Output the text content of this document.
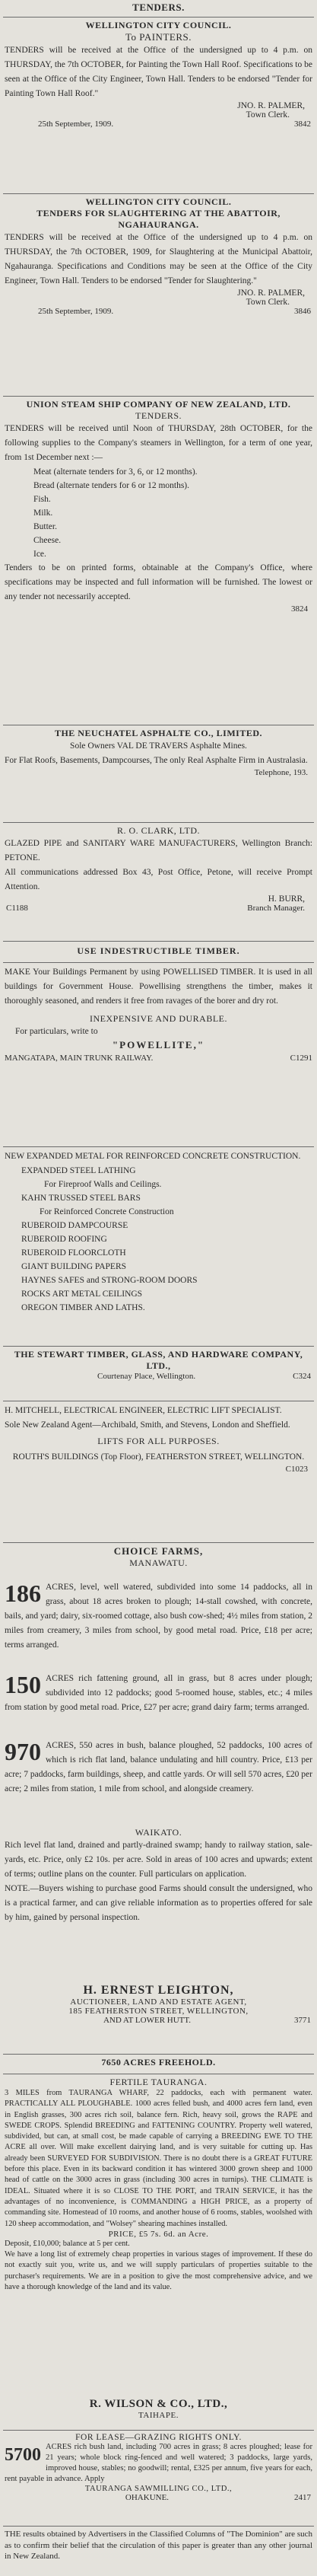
TENDERS.

WELLINGTON CITY COUNCIL.

To PAINTERS.

TENDERS will be received at the Office of the undersigned up to 4 p.m. on THURSDAY, the 7th OCTOBER, for Painting the Town Hall Roof. Specifications to be seen at the Office of the City Engineer, Town Hall. Tenders to be endorsed "Tender for Painting Town Hall Roof."

JNO. R. PALMER,

Town Clerk.

25th September, 1909.	3842

WELLINGTON CITY COUNCIL.

TENDERS FOR SLAUGHTERING AT THE ABATTOIR, NGAHAURANGA.

TENDERS will be received at the Office of the undersigned up to 4 p.m. on THURSDAY, the 7th OCTOBER, 1909, for Slaughtering at the Municipal Abattoir, Ngahauranga. Specifications and Conditions may be seen at the Office of the City Engineer, Town Hall. Tenders to be endorsed "Tender for Slaughtering."

JNO. R. PALMER,

Town Clerk.

25th September, 1909.	3846

UNION STEAM SHIP COMPANY OF NEW ZEALAND, LTD.

TENDERS.

TENDERS will be received until Noon of THURSDAY, 28th OCTOBER, for the following supplies to the Company's steamers in Wellington, for a term of one year, from 1st December next :—

Meat (alternate tenders for 3, 6, or 12 months).

Bread (alternate tenders for 6 or 12 months).

Fish.

Milk.

Butter.

Cheese.

Ice.

Tenders to be on printed forms, obtainable at the Company's Office, where specifications may be inspected and full information will be furnished. The lowest or any tender not necessarily accepted.

3824

THE NEUCHATEL ASPHALTE CO., LIMITED.

Sole Owners VAL DE TRAVERS Asphalte Mines.

For Flat Roofs, Basements, Dampcourses, The only Real Asphalte Firm in Australasia.

Telephone, 193.

R. O. CLARK, LTD.

GLAZED PIPE and SANITARY WARE MANUFACTURERS, Wellington Branch: PETONE.

All communications addressed Box 43, Post Office, Petone, will receive Prompt Attention.

H. BURR,

C1188	Branch Manager.

USE INDESTRUCTIBLE TIMBER.

MAKE Your Buildings Permanent by using POWELLISED TIMBER. It is used in all buildings for Government House. Powellising strengthens the timber, makes it thoroughly seasoned, and renders it free from ravages of the borer and dry rot.

INEXPENSIVE AND DURABLE.

For particulars, write to

"POWELLITE,"

MANGATAPA, MAIN TRUNK RAILWAY.	C1291

NEW EXPANDED METAL FOR REINFORCED CONCRETE CONSTRUCTION.

EXPANDED STEEL LATHING

For Fireproof Walls and Ceilings.

KAHN TRUSSED STEEL BARS

For Reinforced Concrete Construction

RUBEROID DAMPCOURSE

RUBEROID ROOFING

RUBEROID FLOORCLOTH

GIANT BUILDING PAPERS

HAYNES SAFES and STRONG-ROOM DOORS

ROCKS ART METAL CEILINGS

OREGON TIMBER AND LATHS.

THE STEWART TIMBER, GLASS, AND HARDWARE COMPANY, LTD.,

Courtenay Place, Wellington.	C324

H. MITCHELL, ELECTRICAL ENGINEER, ELECTRIC LIFT SPECIALIST.

Sole New Zealand Agent—Archibald, Smith, and Stevens, London and Sheffield.

LIFTS FOR ALL PURPOSES.

ROUTH'S BUILDINGS (Top Floor), FEATHERSTON STREET, WELLINGTON.

C1023

CHOICE FARMS,

MANAWATU.

186 ACRES, level, well watered, subdivided into some 14 paddocks, all in grass, about 18 acres broken to plough; 14-stall cowshed, with concrete, bails, and yard; dairy, six-roomed cottage, also bush cow-shed; 4½ miles from station, 2 miles from creamery, 3 miles from school, by good metal road. Price, £18 per acre; terms arranged.

150 ACRES rich fattening ground, all in grass, but 8 acres under plough; subdivided into 12 paddocks; good 5-roomed house, stables, etc.; 4 miles from station by good metal road. Price, £27 per acre; grand dairy farm; terms arranged.

970 ACRES, 550 acres in bush, balance ploughed, 52 paddocks, 100 acres of which is rich flat land, balance undulating and hill country. Price, £13 per acre; 7 paddocks, farm buildings, sheep, and cattle yards. Or will sell 570 acres, £20 per acre; 2 miles from station, 1 mile from school, and alongside creamery.

WAIKATO.

Rich level flat land, drained and partly-drained swamp; handy to railway station, sale-yards, etc. Price, only £2 10s. per acre. Sold in areas of 100 acres and upwards; extent of terms; outline plans on the counter. Full particulars on application.

NOTE.—Buyers wishing to purchase good Farms should consult the undersigned, who is a practical farmer, and can give reliable information as to properties offered for sale by him, gained by personal inspection.

H. ERNEST LEIGHTON,

AUCTIONEER, LAND AND ESTATE AGENT,

185 FEATHERSTON STREET, WELLINGTON,

AND AT LOWER HUTT.	3771

7650 ACRES FREEHOLD.

FERTILE TAURANGA.

3 MILES from TAURANGA WHARF, 22 paddocks, each with permanent water. PRACTICALLY ALL PLOUGHABLE. 1000 acres felled bush, and 4000 acres fern land, even in English grasses, 300 acres rich soil, balance fern. Rich, heavy soil, grows the RAPE and SWEDE CROPS. Splendid BREEDING and FATTENING COUNTRY. Property well watered, subdivided, but can, at small cost, be made capable of carrying a BREEDING EWE TO THE ACRE all over. Will make excellent dairying land, and is very suitable for cutting up. Has already been SURVEYED FOR SUBDIVISION. There is no doubt there is a GREAT FUTURE before this place. Even in its backward condition it has wintered 3000 grown sheep and 1000 head of cattle on the 3000 acres in grass (including 300 acres in turnips). THE CLIMATE is IDEAL. Situated where it is so CLOSE TO THE PORT, and TRAIN SERVICE, it has the advantages of no inconvenience, is COMMANDING a HIGH PRICE, as a property of commanding site. Homestead of 10 rooms, and another house of 6 rooms, stables, woolshed with 120 sheep accommodation, and "Wolsey" shearing machines installed.

PRICE, £5 7s. 6d. an Acre.

Deposit, £10,000; balance at 5 per cent.

We have a long list of extremely cheap properties in various stages of improvement. If these do not exactly suit you, write us, and we will supply particulars of properties suitable to the purchaser's requirements. We are in a position to give the most comprehensive advice, and we have a thorough knowledge of the land and its value.

R. WILSON & CO., LTD.,

TAIHAPE.

FOR LEASE—GRAZING RIGHTS ONLY.

5700 ACRES rich bush land, including 700 acres in grass; 8 acres ploughed; lease for 21 years; whole block ring-fenced and well watered; 3 paddocks, large yards, improved house, stables; no goodwill; rental, £325 per annum, five years for each, rent payable in advance. Apply

TAURANGA SAWMILLING CO., LTD.,

OHAKUNE.	2417

THE results obtained by Advertisers in the Classified Columns of "The Dominion" are such as to confirm their belief that the circulation of this paper is greater than any other journal in New Zealand.
